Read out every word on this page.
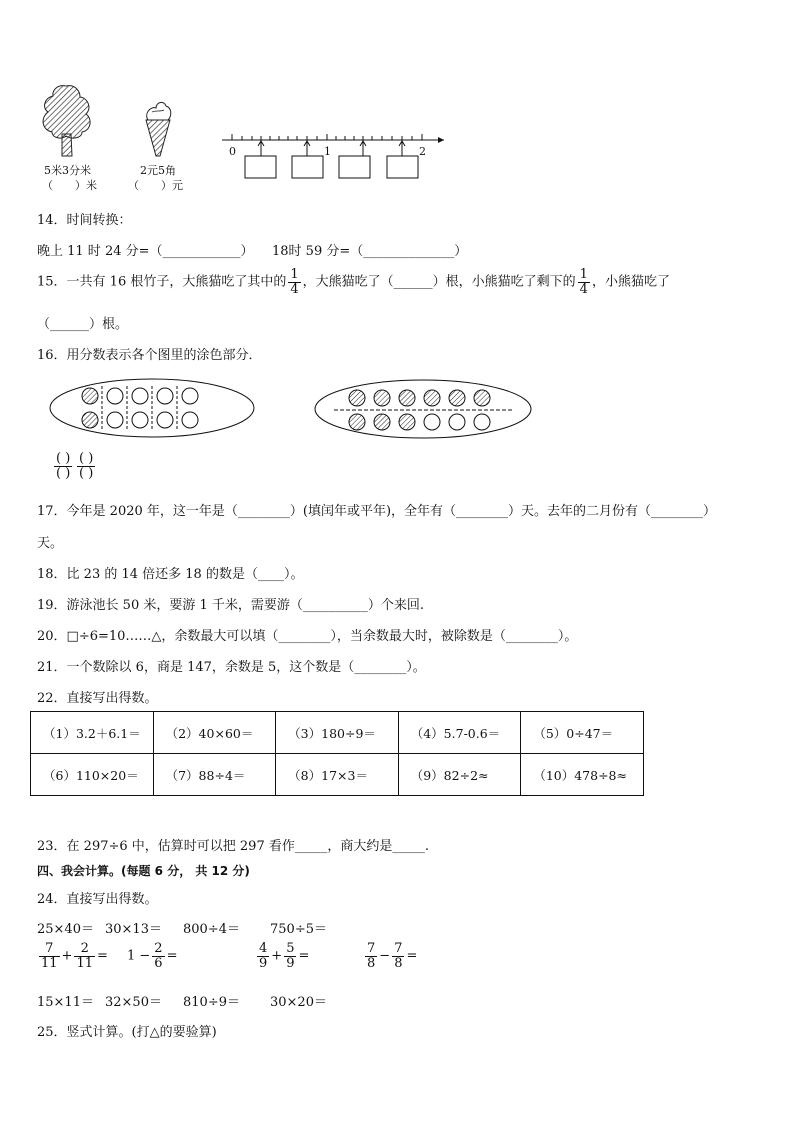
5米3分米
（　　）米
2元5角
（　　）元
0	1	2
14．时间转换：
晚上 11 时 24 分=（____________） 18时 59 分=（______________）
15．一共有 16 根竹子，大熊猫吃了其中的 $\frac{1}{4}$ ，大熊猫吃了（______）根，小熊猫吃了剩下的 $\frac{1}{4}$ ，小熊猫吃了
（______）根。
16．用分数表示各个图里的涂色部分．
$\frac{( )}{( )} \frac{( )}{( )}$
17．今年是 2020 年，这一年是（________）(填闰年或平年)，全年有（________）天。去年的二月份有（________）
天。
18．比 23 的 14 倍还多 18 的数是（____）。
19．游泳池长 50 米，要游 1 千米，需要游（__________）个来回.
20．□÷6=10……△，余数最大可以填（________），当余数最大时，被除数是（________）。
21．一个数除以 6，商是 147，余数是 5，这个数是（________）。
22．直接写出得数。
（1）3.2＋6.1＝	（2）40×60＝	（3）180÷9＝	（4）5.7-0.6＝	（5）0÷47＝
（6）110×20＝	（7）88÷4＝	（8）17×3＝	（9）82÷2≈	（10）478÷8≈
23．在 297÷6 中，估算时可以把 297 看作_____，商大约是_____.
四、我会计算。(每题 6 分， 共 12 分)
24．直接写出得数。
25×40＝ 30×13＝ 800÷4＝ 750÷5＝
$\frac{7}{11} + \frac{2}{11} = 1 - \frac{2}{6}$ =	$\frac{4}{9} + \frac{5}{9}$ =	$\frac{7}{8} - \frac{7}{8}$ =
15×11＝ 32×50＝ 810÷9＝ 30×20＝
25．竖式计算。(打△的要验算)
